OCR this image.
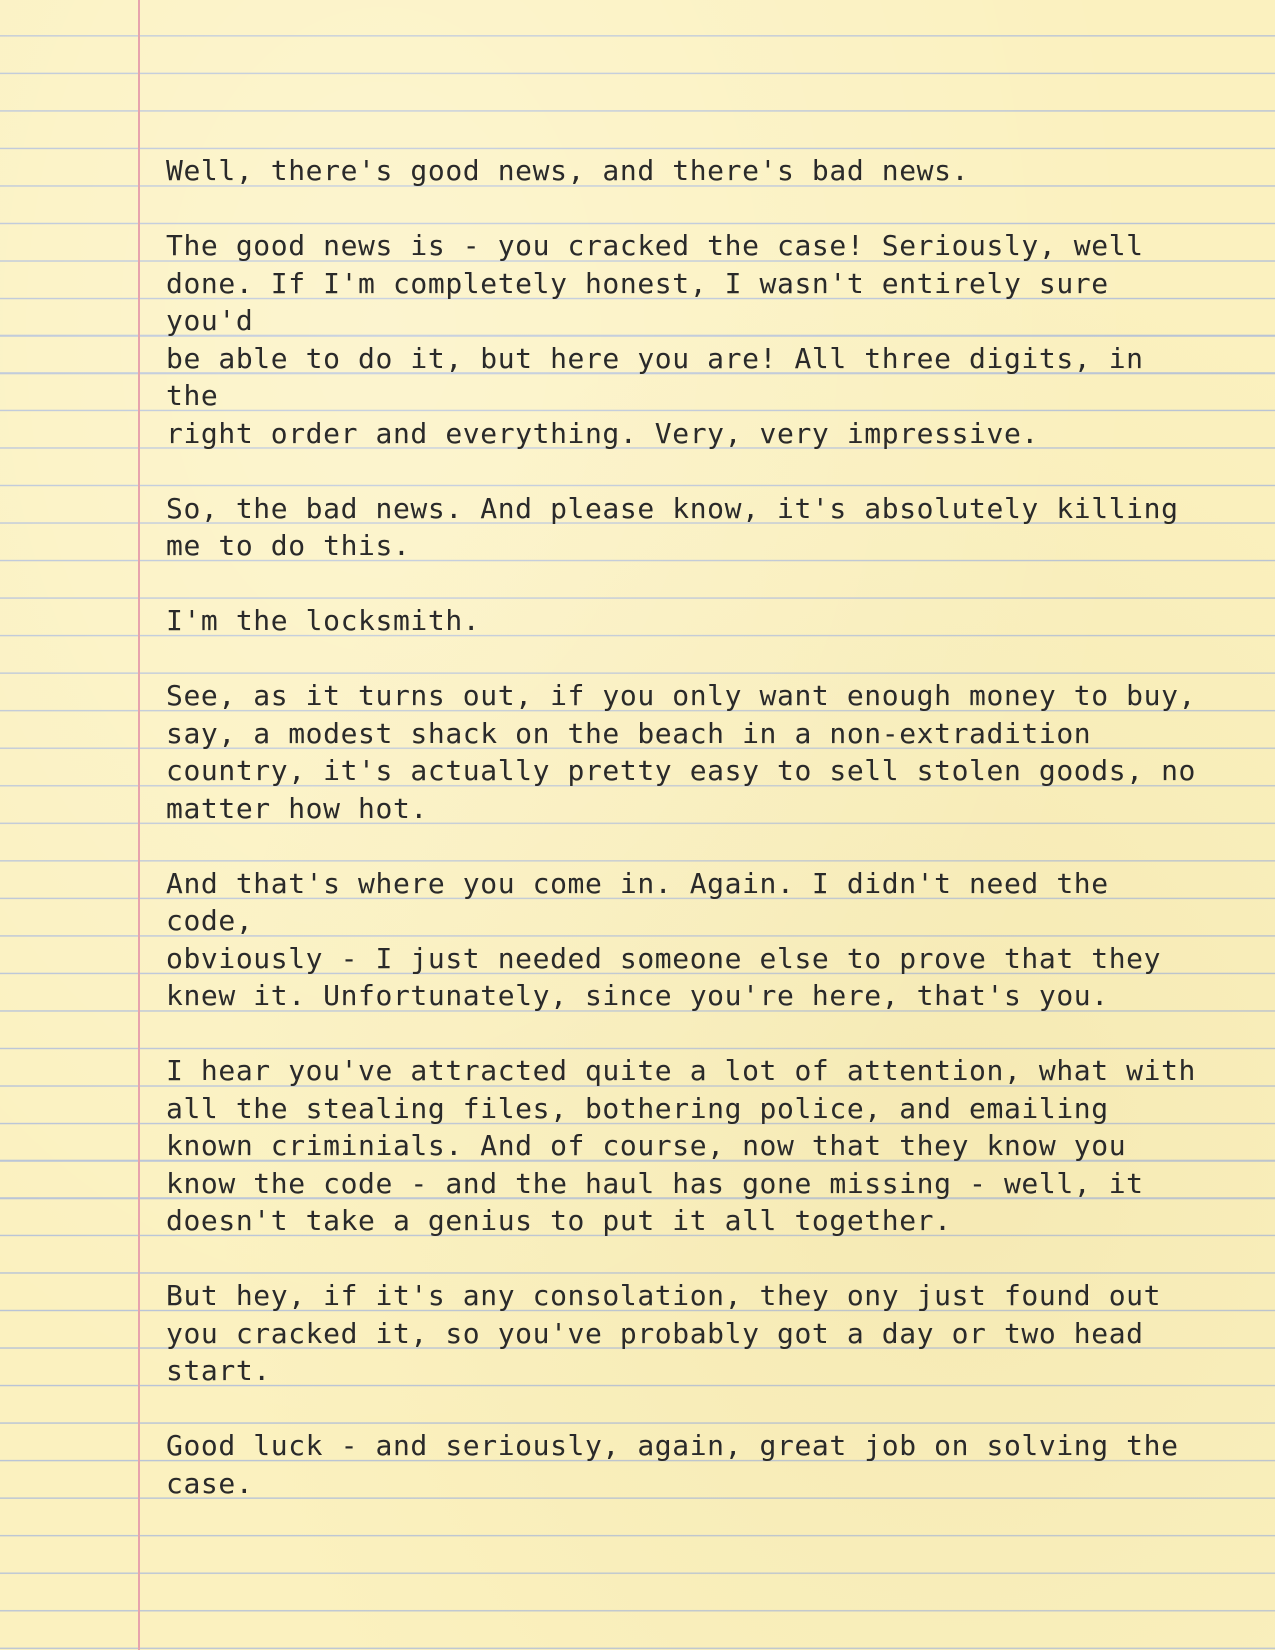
Well, there's good news, and there's bad news.

The good news is - you cracked the case! Seriously, well
done. If I'm completely honest, I wasn't entirely sure you'd
be able to do it, but here you are! All three digits, in the
right order and everything. Very, very impressive.

So, the bad news. And please know, it's absolutely killing
me to do this.

I'm the locksmith.

See, as it turns out, if you only want enough money to buy,
say, a modest shack on the beach in a non-extradition
country, it's actually pretty easy to sell stolen goods, no
matter how hot.

And that's where you come in. Again. I didn't need the code,
obviously - I just needed someone else to prove that they
knew it. Unfortunately, since you're here, that's you.

I hear you've attracted quite a lot of attention, what with
all the stealing files, bothering police, and emailing
known criminials. And of course, now that they know you
know the code - and the haul has gone missing - well, it
doesn't take a genius to put it all together.

But hey, if it's any consolation, they ony just found out
you cracked it, so you've probably got a day or two head
start.

Good luck - and seriously, again, great job on solving the
case.
